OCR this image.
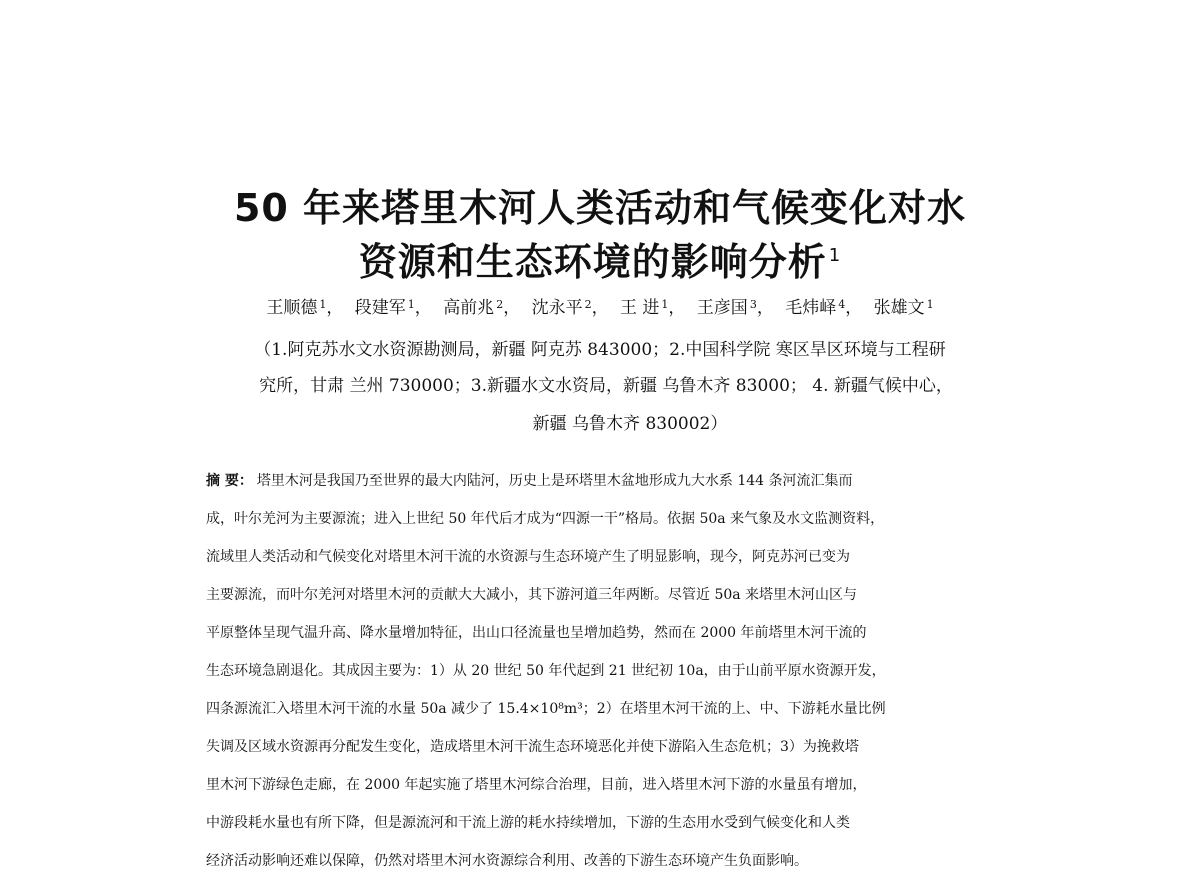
50 年来塔里木河人类活动和气候变化对水
资源和生态环境的影响分析 $^1$
王顺德 $^1$， 段建军 $^1$， 高前兆 $^2$， 沈永平 $^2$， 王 进 $^1$， 王彦国 $^3$， 毛炜峄 $^4$， 张雄文 $^1$

（1.阿克苏水文水资源勘测局，新疆 阿克苏 843000；2.中国科学院 寒区旱区环境与工程研

究所，甘肃 兰州 730000；3.新疆水文水资局，新疆 乌鲁木齐 83000； 4. 新疆气候中心，

新疆 乌鲁木齐 830002）

摘 要： 塔里木河是我国乃至世界的最大内陆河，历史上是环塔里木盆地形成九大水系 144 条河流汇集而
成，叶尔羌河为主要源流；进入上世纪 50 年代后才成为“四源一干”格局。依据 50a 来气象及水文监测资料，
流域里人类活动和气候变化对塔里木河干流的水资源与生态环境产生了明显影响，现今，阿克苏河已变为
主要源流，而叶尔羌河对塔里木河的贡献大大减小，其下游河道三年两断。尽管近 50a 来塔里木河山区与
平原整体呈现气温升高、降水量增加特征，出山口径流量也呈增加趋势，然而在 2000 年前塔里木河干流的
生态环境急剧退化。其成因主要为：1）从 20 世纪 50 年代起到 21 世纪初 10a，由于山前平原水资源开发，
四条源流汇入塔里木河干流的水量 50a 减少了 15.4×10⁸m³；2）在塔里木河干流的上、中、下游耗水量比例
失调及区域水资源再分配发生变化，造成塔里木河干流生态环境恶化并使下游陷入生态危机；3）为挽救塔
里木河下游绿色走廊，在 2000 年起实施了塔里木河综合治理，目前，进入塔里木河下游的水量虽有增加，
中游段耗水量也有所下降，但是源流河和干流上游的耗水持续增加，下游的生态用水受到气候变化和人类
经济活动影响还难以保障，仍然对塔里木河水资源综合利用、改善的下游生态环境产生负面影响。
